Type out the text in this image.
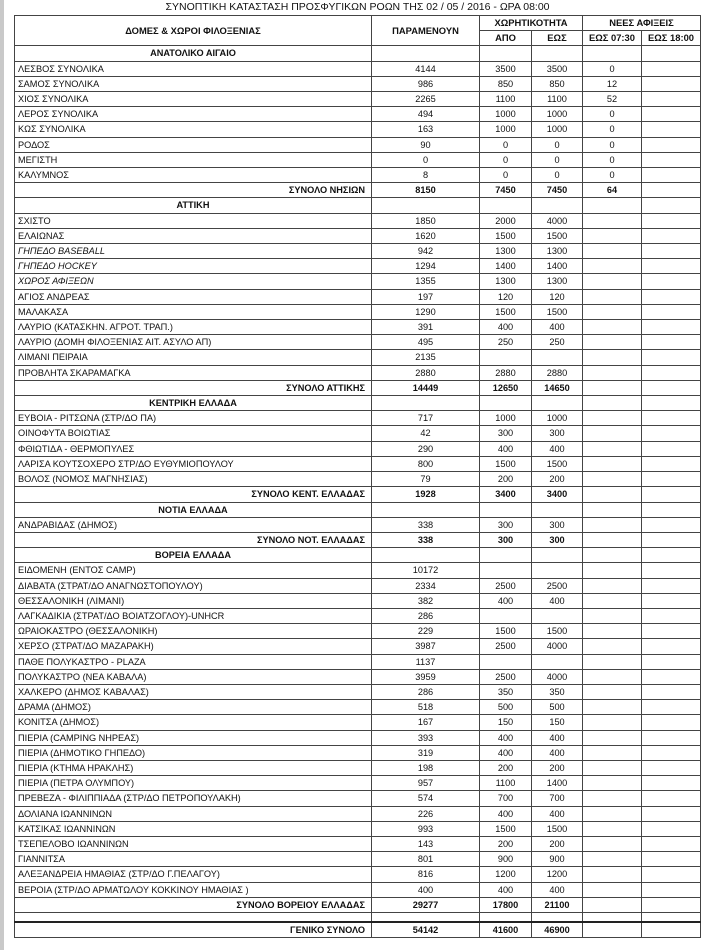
ΣΥΝΟΠΤΙΚΗ ΚΑΤΑΣΤΑΣΗ ΠΡΟΣΦΥΓΙΚΩΝ ΡΟΩΝ ΤΗΣ 02 / 05 / 2016 - ΩΡΑ 08:00					
ΔΟΜΕΣ & ΧΩΡΟΙ ΦΙΛΟΞΕΝΙΑΣ	ΠΑΡΑΜΕΝΟΥΝ	ΧΩΡΗΤΙΚΟΤΗΤΑ		ΝΕΕΣ ΑΦΙΞΕΙΣ	
		ΑΠΟ	ΕΩΣ	ΕΩΣ 07:30	ΕΩΣ 18:00
ΑΝΑΤΟΛΙΚΟ ΑΙΓΑΙΟ					
ΛΕΣΒΟΣ ΣΥΝΟΛΙΚΑ	4144	3500	3500	0	
ΣΑΜΟΣ ΣΥΝΟΛΙΚΑ	986	850	850	12	
ΧΙΟΣ ΣΥΝΟΛΙΚΑ	2265	1100	1100	52	
ΛΕΡΟΣ ΣΥΝΟΛΙΚΑ	494	1000	1000	0	
ΚΩΣ ΣΥΝΟΛΙΚΑ	163	1000	1000	0	
ΡΟΔΟΣ	90	0	0	0	
ΜΕΓΙΣΤΗ	0	0	0	0	
ΚΑΛΥΜΝΟΣ	8	0	0	0	
ΣΥΝΟΛΟ ΝΗΣΙΩΝ	8150	7450	7450	64	
ΑΤΤΙΚΗ					
ΣΧΙΣΤΟ	1850	2000	4000		
ΕΛΑΙΩΝΑΣ	1620	1500	1500		
ΓΗΠΕΔΟ BASEBALL	942	1300	1300		
ΓΗΠΕΔΟ HOCKEY	1294	1400	1400		
ΧΩΡΟΣ ΑΦΙΞΕΩΝ	1355	1300	1300		
ΑΓΙΟΣ ΑΝΔΡΕΑΣ	197	120	120		
ΜΑΛΑΚΑΣΑ	1290	1500	1500		
ΛΑΥΡΙΟ (ΚΑΤΑΣΚΗΝ. ΑΓΡΟΤ. ΤΡΑΠ.)	391	400	400		
ΛΑΥΡΙΟ (ΔΟΜΗ ΦΙΛΟΞΕΝΙΑΣ ΑΙΤ. ΑΣΥΛΟ ΑΠ)	495	250	250		
ΛΙΜΑΝΙ ΠΕΙΡΑΙΑ	2135				
ΠΡΟΒΛΗΤΑ ΣΚΑΡΑΜΑΓΚΑ	2880	2880	2880		
ΣΥΝΟΛΟ ΑΤΤΙΚΗΣ	14449	12650	14650		
ΚΕΝΤΡΙΚΗ ΕΛΛΑΔΑ					
ΕΥΒΟΙΑ - ΡΙΤΣΩΝΑ (ΣΤΡ/ΔΟ ΠΑ)	717	1000	1000		
ΟΙΝΟΦΥΤΑ ΒΟΙΩΤΙΑΣ	42	300	300		
ΦΘΙΩΤΙΔΑ - ΘΕΡΜΟΠΥΛΕΣ	290	400	400		
ΛΑΡΙΣΑ ΚΟΥΤΣΟΧΕΡΟ ΣΤΡ/ΔΟ ΕΥΘΥΜΙΟΠΟΥΛΟΥ	800	1500	1500		
ΒΟΛΟΣ (ΝΟΜΟΣ ΜΑΓΝΗΣΙΑΣ)	79	200	200		
ΣΥΝΟΛΟ ΚΕΝΤ. ΕΛΛΑΔΑΣ	1928	3400	3400		
ΝΟΤΙΑ ΕΛΛΑΔΑ					
ΑΝΔΡΑΒΙΔΑΣ (ΔΗΜΟΣ)	338	300	300		
ΣΥΝΟΛΟ ΝΟΤ. ΕΛΛΑΔΑΣ	338	300	300		
ΒΟΡΕΙΑ ΕΛΛΑΔΑ					
ΕΙΔΟΜΕΝΗ (ΕΝΤΟΣ CAMP)	10172				
ΔΙΑΒΑΤΑ (ΣΤΡΑΤ/ΔΟ ΑΝΑΓΝΩΣΤΟΠΟΥΛΟΥ)	2334	2500	2500		
ΘΕΣΣΑΛΟΝΙΚΗ (ΛΙΜΑΝΙ)	382	400	400		
ΛΑΓΚΑΔΙΚΙΑ (ΣΤΡΑΤ/ΔΟ ΒΟΙΑΤΖΟΓΛΟΥ)-UNHCR	286				
ΩΡΑΙΟΚΑΣΤΡΟ (ΘΕΣΣΑΛΟΝΙΚΗ)	229	1500	1500		
ΧΕΡΣΟ (ΣΤΡΑΤ/ΔΟ ΜΑΖΑΡΑΚΗ)	3987	2500	4000		
ΠΑΘΕ ΠΟΛΥΚΑΣΤΡΟ - PLAZA	1137				
ΠΟΛΥΚΑΣΤΡΟ (ΝΕΑ ΚΑΒΑΛΑ)	3959	2500	4000		
ΧΑΛΚΕΡΟ (ΔΗΜΟΣ ΚΑΒΑΛΑΣ)	286	350	350		
ΔΡΑΜΑ (ΔΗΜΟΣ)	518	500	500		
ΚΟΝΙΤΣΑ (ΔΗΜΟΣ)	167	150	150		
ΠΙΕΡΙΑ (CAMPING ΝΗΡΕΑΣ)	393	400	400		
ΠΙΕΡΙΑ (ΔΗΜΟΤΙΚΟ ΓΗΠΕΔΟ)	319	400	400		
ΠΙΕΡΙΑ (ΚΤΗΜΑ ΗΡΑΚΛΗΣ)	198	200	200		
ΠΙΕΡΙΑ (ΠΕΤΡΑ ΟΛΥΜΠΟΥ)	957	1100	1400		
ΠΡΕΒΕΖΑ - ΦΙΛΙΠΠΙΑΔΑ (ΣΤΡ/ΔΟ ΠΕΤΡΟΠΟΥΛΑΚΗ)	574	700	700		
ΔΟΛΙΑΝΑ ΙΩΑΝΝΙΝΩΝ	226	400	400		
ΚΑΤΣΙΚΑΣ ΙΩΑΝΝΙΝΩΝ	993	1500	1500		
ΤΣΕΠΕΛΟΒΟ ΙΩΑΝΝΙΝΩΝ	143	200	200		
ΓΙΑΝΝΙΤΣΑ	801	900	900		
ΑΛΕΞΑΝΔΡΕΙΑ ΗΜΑΘΙΑΣ (ΣΤΡ/ΔΟ Γ.ΠΕΛΑΓΟΥ)	816	1200	1200		
ΒΕΡΟΙΑ (ΣΤΡ/ΔΟ ΑΡΜΑΤΩΛΟΥ ΚΟΚΚΙΝΟΥ ΗΜΑΘΙΑΣ )	400	400	400		
ΣΥΝΟΛΟ ΒΟΡΕΙΟΥ ΕΛΛΑΔΑΣ	29277	17800	21100		

ΓΕΝΙΚΟ ΣΥΝΟΛΟ	54142	41600	46900		
